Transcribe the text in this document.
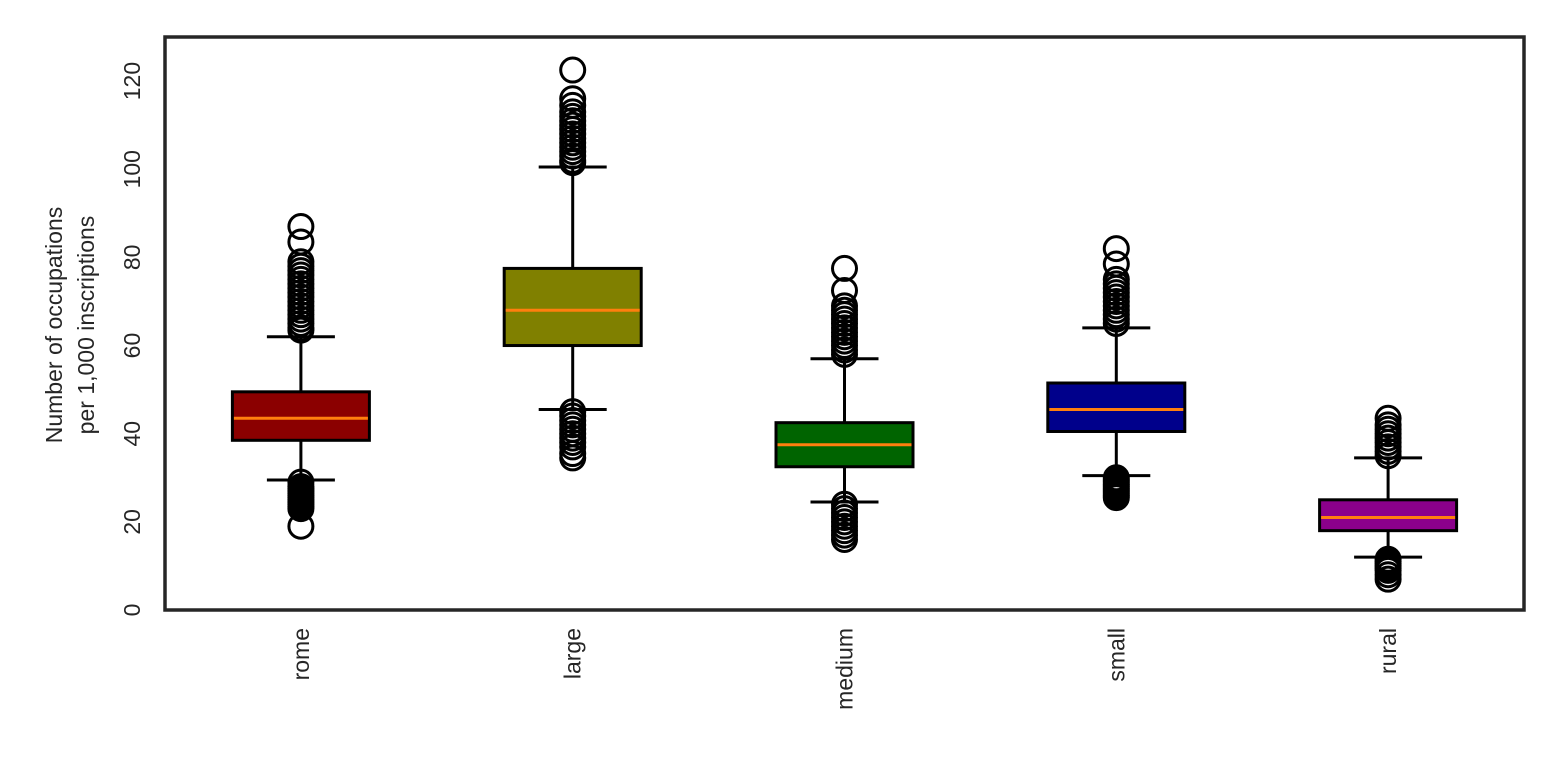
0
20
40
60
80
100
120
rome	large	medium	small	rural
Number of occupations per 1,000 inscriptions
